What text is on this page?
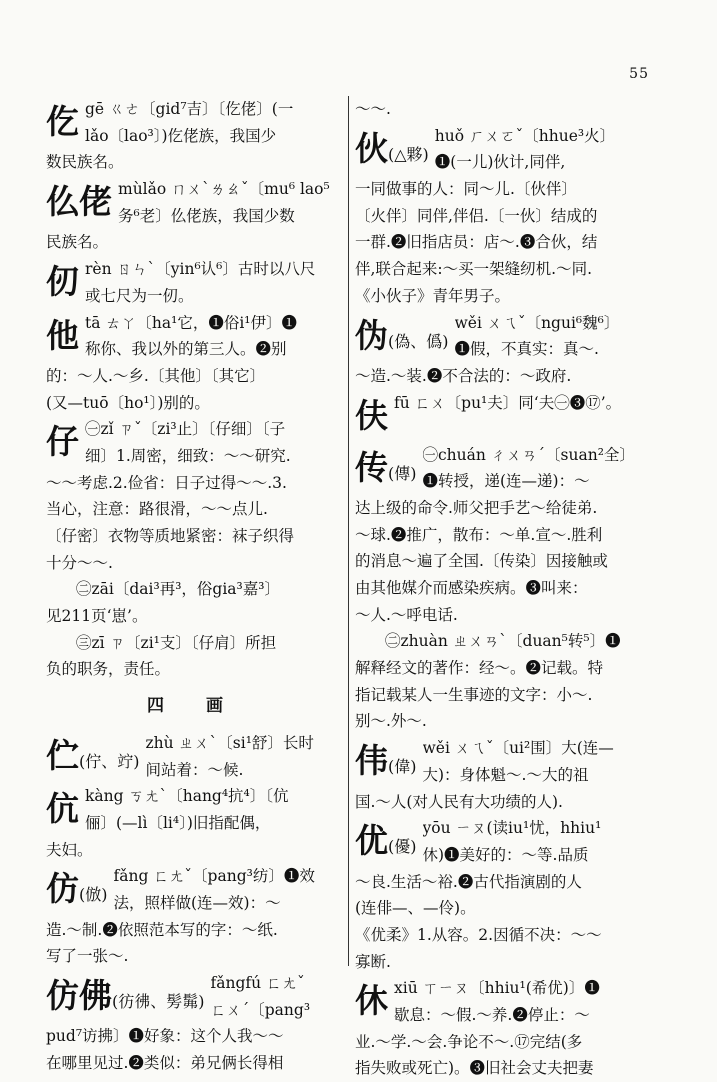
55
仡 gē ㄍㄜ〔gid⁷吉〕〔仡佬〕(一
lǎo〔lao³〕)仡佬族，我国少
数民族名。
仫佬 mùlǎo ㄇㄨˋㄌㄠˇ〔mu⁶ lao⁵
务⁶老〕仫佬族，我国少数
民族名。
仞 rèn ㄖㄣˋ〔yin⁶认⁶〕古时以八尺
或七尺为一仞。
他 tā ㄊㄚ〔ha¹它，❶俗i¹伊〕❶
称你、我以外的第三人。❷别
的：～人.～乡.〔其他〕〔其它〕
(又—tuō〔ho¹〕)别的。
仔 ㊀zǐ ㄗˇ〔zi³止〕〔仔细〕〔子
细〕1.周密，细致：～～研究.
～～考虑.2.俭省：日子过得～～.3.
当心，注意：路很滑，～～点儿.
〔仔密〕衣物等质地紧密：袜子织得
十分～～.
㊁zāi〔dai³再³，俗gia³嘉³〕
见211页‘崽’。
㊂zī ㄗ〔zi¹支〕〔仔肩〕所担
负的职务，责任。
四 画
伫(佇、竚)
zhù ㄓㄨˋ〔si¹舒〕长时
间站着：～候.
伉 kàng ㄎㄤˋ〔hang⁴抗⁴〕〔伉
俪〕(—lì〔li⁴〕)旧指配偶，
夫妇。
仿(倣)
fǎng ㄈㄤˇ〔pang³纺〕❶效
法，照样做(连—效)：～
造.～制.❷依照范本写的字：～纸.
写了一张～.
仿佛(彷彿、髣髴)
fǎngfú ㄈㄤˇ
ㄈㄨˊ〔pang³
pud⁷访拂〕❶好象：这个人我～～
在哪里见过.❷类似：弟兄俩长得相
～～.
伙(△夥)
huǒ ㄏㄨㄛˇ〔hhue³火〕
❶(一儿)伙计,同伴,
一同做事的人：同～儿.〔伙伴〕
〔火伴〕同伴,伴侣.〔一伙〕结成的
一群.❷旧指店员：店～.❸合伙，结
伴,联合起来:～买一架缝纫机.～同.
《小伙子》青年男子。
伪(偽、僞)
wěi ㄨㄟˇ〔ngui⁶魏⁶〕
❶假，不真实：真～.
～造.～装.❷不合法的：～政府.
伕 fū ㄈㄨ〔pu¹夫〕同‘夫㊀❸⑰’。
传(傳)
㊀chuán ㄔㄨㄢˊ〔suan²全〕
❶转授，递(连—递)：～
达上级的命令.师父把手艺～给徒弟.
～球.❷推广，散布：～单.宣～.胜利
的消息～遍了全国.〔传染〕因接触或
由其他媒介而感染疾病。❸叫来：
～人.～呼电话.
㊁zhuàn ㄓㄨㄢˋ〔duan⁵转⁵〕❶
解释经文的著作：经～。❷记载。特
指记载某人一生事迹的文字：小～.
别～.外～.
伟(偉)
wěi ㄨㄟˇ〔ui²围〕大(连—
大)：身体魁～.～大的祖
国.～人(对人民有大功绩的人).
优(優)
yōu ㄧㄡ(读iu¹忧，hhiu¹
休)❶美好的：～等.品质
～良.生活～裕.❷古代指演剧的人
(连俳—、—伶)。
《优柔》1.从容。2.因循不决：～～
寡断.
休 xiū ㄒㄧㄡ〔hhiu¹(希优)〕❶
歇息：～假.～养.❷停止：～
业.～学.～会.争论不～.⑰完结(多
指失败或死亡)。❸旧社会丈夫把妻
